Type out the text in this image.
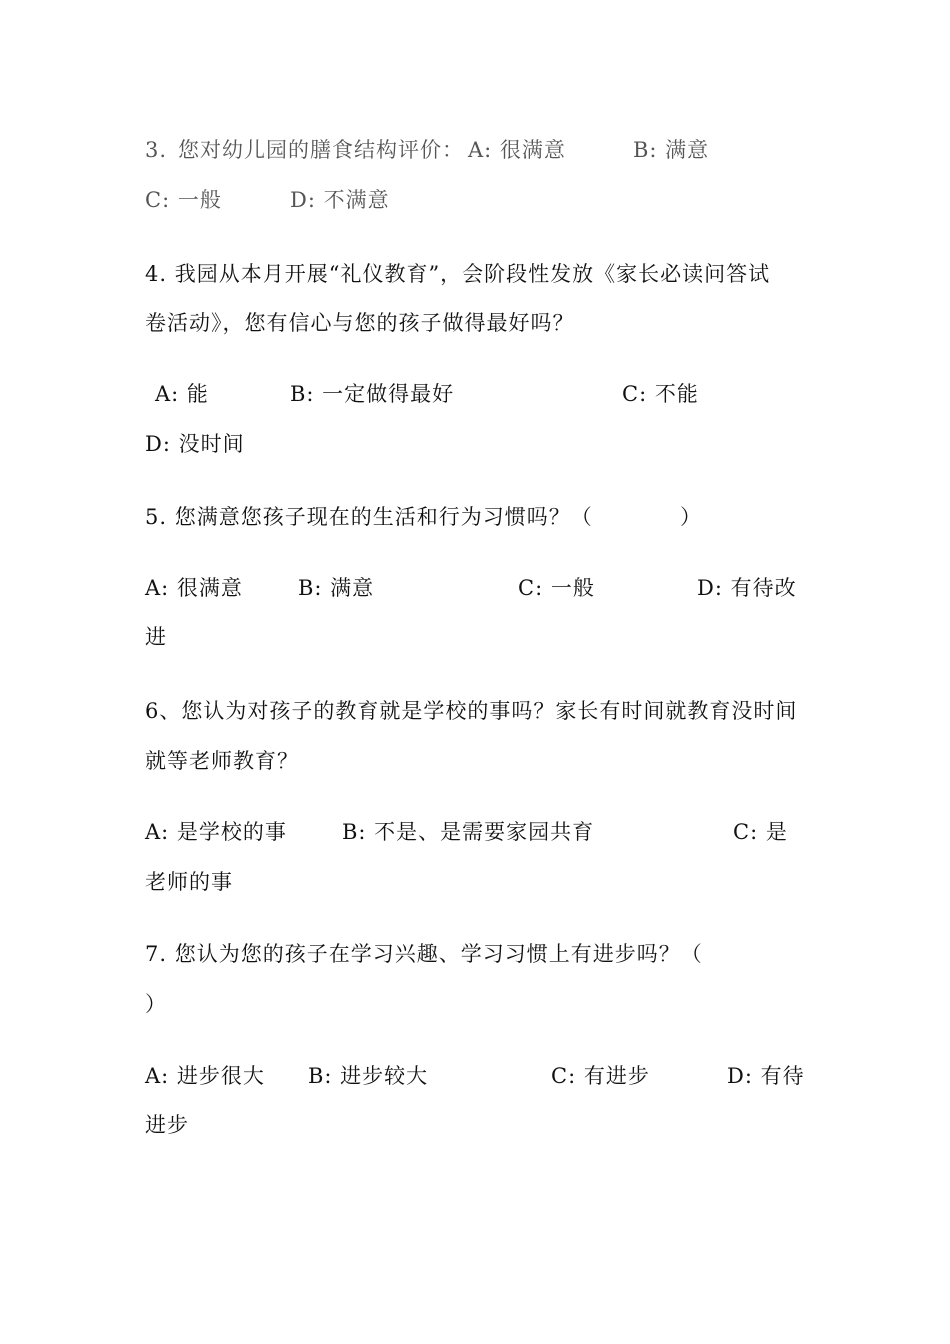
3. 您对幼儿园的膳食结构评价： A: 很满意	B: 满意
C: 一般	D: 不满意
4. 我园从本月开展“礼仪教育”，会阶段性发放《家长必读问答试
卷活动》，您有信心与您的孩子做得最好吗？
A: 能	B: 一定做得最好	C: 不能
D: 没时间
5. 您满意您孩子现在的生活和行为习惯吗？（	）
A: 很满意	B: 满意	C: 一般	D: 有待改
进
6、您认为对孩子的教育就是学校的事吗？家长有时间就教育没时间
就等老师教育？
A: 是学校的事	B: 不是、是需要家园共育	C: 是
老师的事
7. 您认为您的孩子在学习兴趣、学习习惯上有进步吗？（
）
A: 进步很大 B: 进步较大	C: 有进步	D: 有待
进步
